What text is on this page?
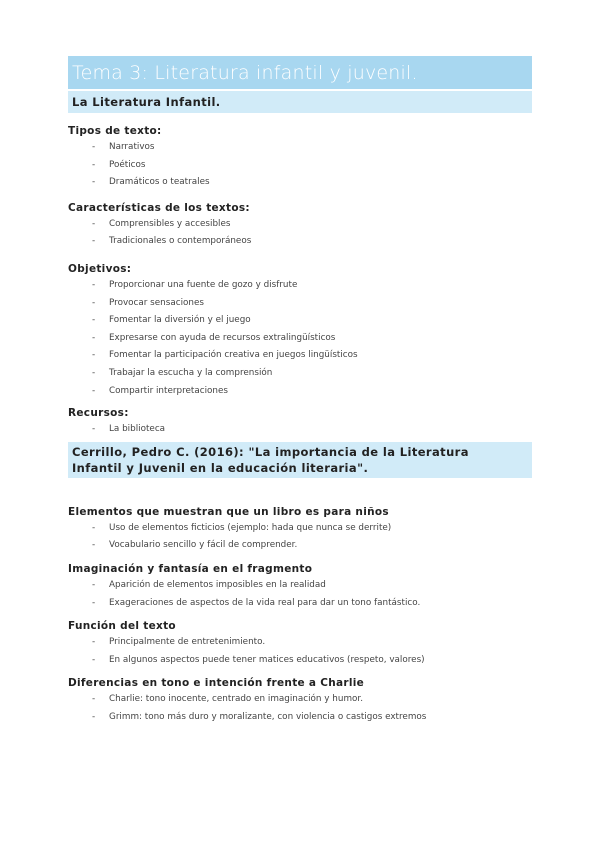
Tema 3: Literatura infantil y juvenil.
La Literatura Infantil.

Tipos de texto:

- Narrativos
- Poéticos
- Dramáticos o teatrales

Características de los textos:

- Comprensibles y accesibles
- Tradicionales o contemporáneos

Objetivos:

- Proporcionar una fuente de gozo y disfrute
- Provocar sensaciones
- Fomentar la diversión y el juego
- Expresarse con ayuda de recursos extralingüísticos
- Fomentar la participación creativa en juegos lingüísticos
- Trabajar la escucha y la comprensión
- Compartir interpretaciones

Recursos:

- La biblioteca
Cerrillo, Pedro C. (2016): "La importancia de la Literatura
Infantil y Juvenil en la educación literaria".

Elementos que muestran que un libro es para niños

- Uso de elementos ficticios (ejemplo: hada que nunca se derrite)
- Vocabulario sencillo y fácil de comprender.

Imaginación y fantasía en el fragmento

- Aparición de elementos imposibles en la realidad
- Exageraciones de aspectos de la vida real para dar un tono fantástico.

Función del texto

- Principalmente de entretenimiento.
- En algunos aspectos puede tener matices educativos (respeto, valores)

Diferencias en tono e intención frente a Charlie

- Charlie: tono inocente, centrado en imaginación y humor.
- Grimm: tono más duro y moralizante, con violencia o castigos extremos
